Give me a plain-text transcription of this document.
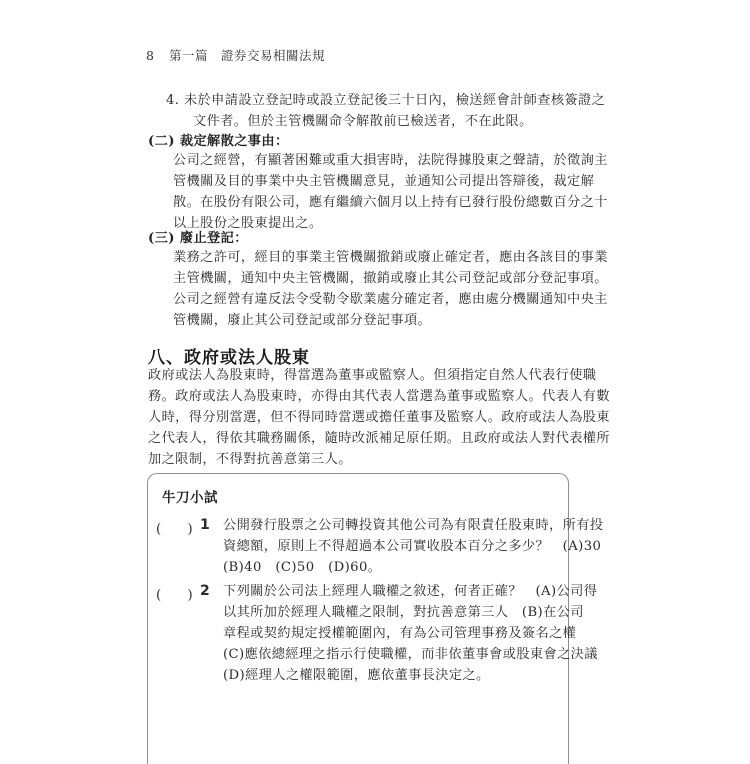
8 第一篇　證券交易相關法規
4. 未於申請設立登記時或設立登記後三十日內，檢送經會計師查核簽證之
文件者。但於主管機關命令解散前已檢送者，不在此限。
(二) 裁定解散之事由：
公司之經營，有顯著困難或重大損害時，法院得據股東之聲請，於徵詢主
管機關及目的事業中央主管機關意見，並通知公司提出答辯後，裁定解
散。在股份有限公司，應有繼續六個月以上持有已發行股份總數百分之十
以上股份之股東提出之。
(三) 廢止登記：
業務之許可，經目的事業主管機關撤銷或廢止確定者，應由各該目的事業
主管機關，通知中央主管機關，撤銷或廢止其公司登記或部分登記事項。
公司之經營有違反法令受勒令歇業處分確定者，應由處分機關通知中央主
管機關，廢止其公司登記或部分登記事項。
八、政府或法人股東
政府或法人為股東時，得當選為董事或監察人。但須指定自然人代表行使職
務。政府或法人為股東時，亦得由其代表人當選為董事或監察人。代表人有數
人時，得分別當選，但不得同時當選或擔任董事及監察人。政府或法人為股東
之代表人，得依其職務關係，隨時改派補足原任期。且政府或法人對代表權所
加之限制，不得對抗善意第三人。
牛刀小試
(　　) 1 公開發行股票之公司轉投資其他公司為有限責任股東時，所有投
資總額，原則上不得超過本公司實收股本百分之多少？　(A)30
(B)40　(C)50　(D)60。
(　　) 2 下列關於公司法上經理人職權之敘述，何者正確？　(A)公司得
以其所加於經理人職權之限制，對抗善意第三人　(B)在公司
章程或契約規定授權範圍內，有為公司管理事務及簽名之權
(C)應依總經理之指示行使職權，而非依董事會或股東會之決議
(D)經理人之權限範圍，應依董事長決定之。
